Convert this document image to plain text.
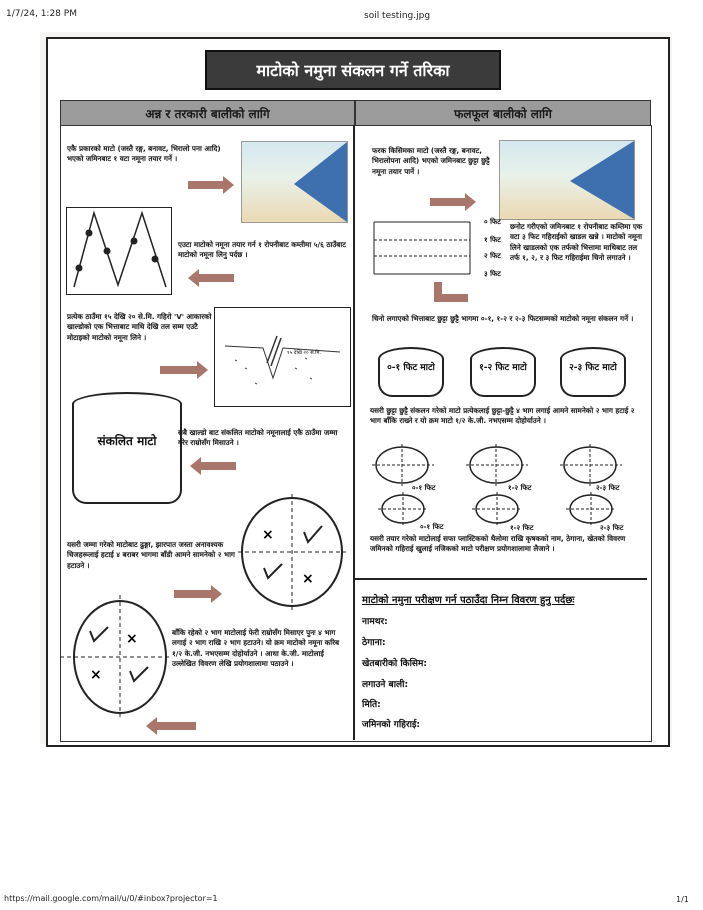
1/7/24, 1:28 PM	soil testing.jpg
https://mail.google.com/mail/u/0/#inbox?projector=1	1/1
माटोको नमुना संकलन गर्ने तरिका
अन्न र तरकारी बालीको लागि	फलफूल बालीको लागि
एकै प्रकारको माटो (जस्तै रङ्ग, बनावट, भिरालो पना आदि) भएको जमिनबाट १ वटा नमूना तयार गर्ने ।
एउटा माटोको नमूना तयार गर्न १ रोपनीबाट कम्तीमा ५/६ ठाउँबाट माटोको नमूना लिनु पर्दछ ।
प्रत्येक ठाउँमा १५ देखि २० से.मि. गहिरो 'V' आकारको खाल्डोको एक भित्ताबाट माथि देखि तल सम्म एउटै मोटाइको माटोको नमूना लिने ।
१५ देखि २० से.मि.
संकलित माटो
सबै खाल्डो बाट संकलित माटोको नमूनालाई एकै ठाउँमा जम्मा गरेर राम्रोसँग मिसाउने ।
यसरी जम्मा गरेको माटोबाट ढुङ्गा, झारपात जस्ता अनावश्यक चिजहरूलाई हटाई ४ बराबर भागमा बाँडी आमने सामनेको २ भाग हटाउने ।
×
×
×
×
बाँकि रहेको २ भाग माटोलाई फेरी राम्रोसँग मिसाएर पुनः ४ भाग लगाई २ भाग राखि २ भाग हटाउने। यो क्रम माटोको नमूना करिब १/२ के.जी. नभएसम्म दोहोर्याउने । आधा के.जी. माटोलाई उल्लेखित विवरण लेखि प्रयोगशालामा पठाउने ।
फरक किसिमका माटो (जस्तै रङ्ग, बनावट, भिरालोपना आदि) भएको जमिनबाट छुट्टा छुट्टै नमूना तयार पार्ने ।
० फिट
१ फिट
२ फिट
३ फिट
छनोट गरीएको जमिनबाट १ रोपनीबाट कम्तिमा एक वटा ३ फिट गहिराईको खाडल खन्ने । माटोको नमूना लिने खाडलको एक तर्फको भित्तामा माथिबाट तल तर्फ १, २, र ३ फिट गहिराईमा चिनो लगाउने ।
चिनो लगाएको भित्ताबाट छुट्टा छुट्टै भागमा ०-१, १-२ र २-३ फिटसम्मको माटोको नमूना संकलन गर्ने ।
०-१ फिट माटो	१-२ फिट माटो	२-३ फिट माटो
यसरी छुट्टा छुट्टै संकलन गरेको माटो प्रत्येकलाई छुट्टा-छुट्टै ४ भाग लगाई आमने सामनेको २ भाग हटाई २ भाग बाँकि राख्ने र यो क्रम माटो १/२ के.जी. नभएसम्म दोहोर्याउने ।
०-१ फिट	१-२ फिट	२-३ फिट
०-१ फिट	१-२ फिट	२-३ फिट
यसरी तयार गरेको माटोलाई सफा प्लास्टिकको थैलोमा राखि कृषकको नाम, ठेगाना, खेतको विवरण जमिनको गहिराई खुलाई नजिकको माटो परीक्षण प्रयोगशालामा लैजाने ।
माटोको नमुना परीक्षण गर्न पठाउँदा निम्न विवरण हुनु पर्दछः
नामथर:
ठेगाना:
खेतबारीको किसिम:
लगाउने बाली:
मिति:
जमिनको गहिराई:
